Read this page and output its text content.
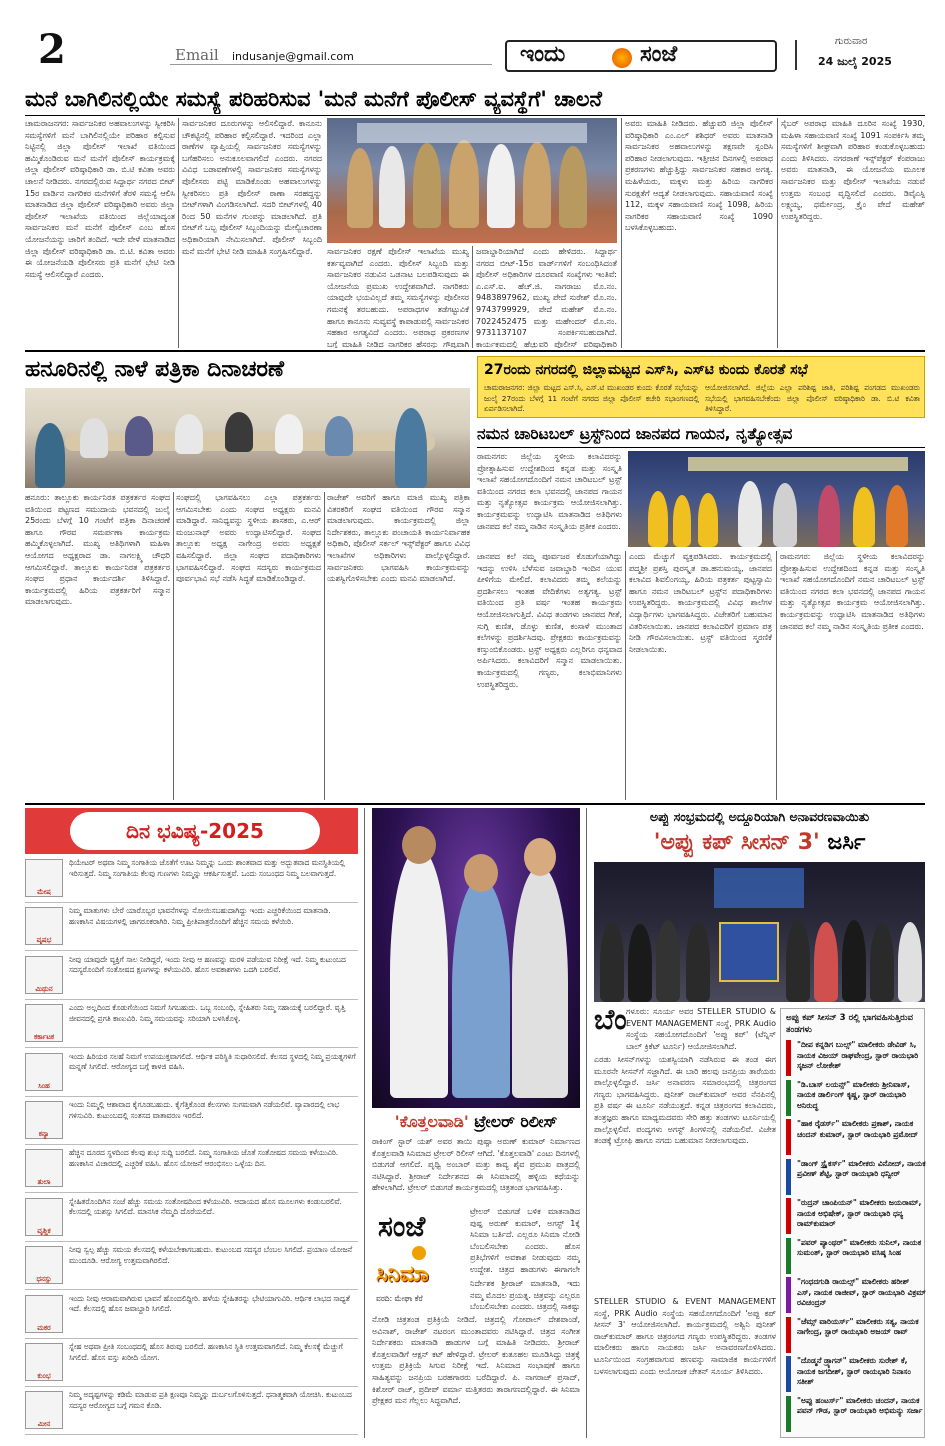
2	Email indusanje@gmail.com	ಇಂದು	ಸಂಜೆ
ಗುರುವಾರ
24 ಜುಲೈ 2025
ಮನೆ ಬಾಗಿಲಿನಲ್ಲಿಯೇ ಸಮಸ್ಯೆ ಪರಿಹರಿಸುವ 'ಮನೆ ಮನೆಗೆ ಪೊಲೀಸ್ ವ್ಯವಸ್ಥೆಗೆ' ಚಾಲನೆ
ಚಾಮರಾಜನಗರ: ಸಾರ್ವಜನಿಕರ ಅಹವಾಲುಗಳನ್ನು ಸ್ವೀಕರಿಸಿ ಸಮಸ್ಯೆಗಳಿಗೆ ಮನೆ ಬಾಗಿಲಿನಲ್ಲಿಯೇ ಪರಿಹಾರ ಕಲ್ಪಿಸುವ ನಿಟ್ಟಿನಲ್ಲಿ ಜಿಲ್ಲಾ ಪೊಲೀಸ್ ಇಲಾಖೆ ವತಿಯಿಂದ ಹಮ್ಮಿಕೊಂಡಿರುವ ಮನೆ ಮನೆಗೆ ಪೊಲೀಸ್ ಕಾರ್ಯಕ್ರಮಕ್ಕೆ ಜಿಲ್ಲಾ ಪೊಲೀಸ್ ವರಿಷ್ಠಾಧಿಕಾರಿ ಡಾ. ಬಿ.ಟಿ ಕವಿತಾ ಅವರು ಚಾಲನೆ ನೀಡಿದರು. ನಗರದಲ್ಲಿರುವ ಸಿದ್ದಾರ್ಥ ನಗರದ ಬೀಟ್ 15ರ ವಾರ್ಡಿನ ನಾಗರಿಕರ ಮನೆಗಳಿಗೆ ತೆರಳಿ ಸಮಸ್ಯೆ ಆಲಿಸಿ ಮಾತನಾಡಿದ ಜಿಲ್ಲಾ ಪೊಲೀಸ್ ವರಿಷ್ಠಾಧಿಕಾರಿ ಅವರು ಜಿಲ್ಲಾ ಪೊಲೀಸ್ ಇಲಾಖೆಯ ವತಿಯಿಂದ ಜಿಲ್ಲೆಯಾದ್ಯಂತ ಸಾರ್ವಜನಿಕರ ಮನೆ ಮನೆಗೆ ಪೊಲೀಸ್ ಎಂಬ ಹೊಸ ಯೋಜನೆಯನ್ನು ಜಾರಿಗೆ ತಂದಿದೆ. ಇದೇ ವೇಳೆ ಮಾತನಾಡಿದ ಜಿಲ್ಲಾ ಪೊಲೀಸ್ ವರಿಷ್ಠಾಧಿಕಾರಿ ಡಾ. ಬಿ.ಟಿ. ಕವಿತಾ ಅವರು ಈ ಯೋಜನೆಯಡಿ ಪೊಲೀಸರು ಪ್ರತಿ ಮನೆಗೆ ಭೇಟಿ ನೀಡಿ ಸಮಸ್ಯೆ ಆಲಿಸಲಿದ್ದಾರೆ ಎಂದರು.
ಸಾರ್ವಜನಿಕರ ದೂರುಗಳನ್ನು ಆಲಿಸಲಿದ್ದಾರೆ. ಕಾನೂನು ಚೌಕಟ್ಟಿನಲ್ಲಿ ಪರಿಹಾರ ಕಲ್ಪಿಸಲಿದ್ದಾರೆ. ಇದರಿಂದ ಎಲ್ಲಾ ಠಾಣೆಗಳ ವ್ಯಾಪ್ತಿಯಲ್ಲಿ ಸಾರ್ವಜನಿಕರ ಸಮಸ್ಯೆಗಳನ್ನು ಬಗೆಹರಿಸಲು ಅನುಕೂಲವಾಗಲಿದೆ ಎಂದರು. ನಗರದ ವಿವಿಧ ಬಡಾವಣೆಗಳಲ್ಲಿ ಸಾರ್ವಜನಿಕರ ಸಮಸ್ಯೆಗಳನ್ನು ಪೊಲೀಸರು ಪಟ್ಟಿ ಮಾಡಿಕೊಂಡು ಅಹವಾಲುಗಳನ್ನು ಸ್ವೀಕರಿಸಲು ಪ್ರತಿ ಪೊಲೀಸ್ ಠಾಣಾ ಸರಹದ್ದನ್ನು ಬೀಟ್‌ಗಳಾಗಿ ವಿಂಗಡಿಸಲಾಗಿದೆ. ಸದರಿ ಬೀಟ್‌ಗಳಲ್ಲಿ 40 ರಿಂದ 50 ಮನೆಗಳ ಗುಂಪನ್ನು ಮಾಡಲಾಗಿದೆ. ಪ್ರತಿ ಬೀಟ್‌ಗೆ ಒಬ್ಬ ಪೊಲೀಸ್ ಸಿಬ್ಬಂದಿಯನ್ನು ಮೇಲ್ವಿಚಾರಣಾ ಅಧಿಕಾರಿಯಾಗಿ ನೇಮಿಸಲಾಗಿದೆ. ಪೊಲೀಸ್ ಸಿಬ್ಬಂದಿ ಮನೆ ಮನೆಗೆ ಭೇಟಿ ನೀಡಿ ಮಾಹಿತಿ ಸಂಗ್ರಹಿಸಲಿದ್ದಾರೆ.	ಸಾರ್ವಜನಿಕರ ರಕ್ಷಣೆ ಪೊಲೀಸ್ ಇಲಾಖೆಯ ಮುಖ್ಯ ಕರ್ತವ್ಯವಾಗಿದೆ ಎಂದರು. ಪೊಲೀಸ್ ಸಿಬ್ಬಂದಿ ಮತ್ತು ಸಾರ್ವಜನಿಕರ ನಡುವಿನ ಒಡನಾಟ ಬಲಪಡಿಸುವುದು ಈ ಯೋಜನೆಯ ಪ್ರಮುಖ ಉದ್ದೇಶವಾಗಿದೆ. ನಾಗರಿಕರು ಯಾವುದೇ ಭಯವಿಲ್ಲದೆ ತಮ್ಮ ಸಮಸ್ಯೆಗಳನ್ನು ಪೊಲೀಸರ ಗಮನಕ್ಕೆ ತರಬಹುದು. ಅಪರಾಧಗಳ ತಡೆಗಟ್ಟುವಿಕೆ ಹಾಗೂ ಕಾನೂನು ಸುವ್ಯವಸ್ಥೆ ಕಾಪಾಡುವಲ್ಲಿ ಸಾರ್ವಜನಿಕರ ಸಹಕಾರ ಅಗತ್ಯವಿದೆ ಎಂದರು. ಅಪರಾಧ ಪ್ರಕರಣಗಳ ಬಗ್ಗೆ ಮಾಹಿತಿ ನೀಡಿದ ನಾಗರಿಕರ ಹೆಸರನ್ನು ಗೌಪ್ಯವಾಗಿ
ಜವಾಬ್ದಾರಿಯಾಗಿದೆ ಎಂದು ಹೇಳಿದರು. ಸಿದ್ದಾರ್ಥ ನಗರದ ಬೀಟ್-15ರ ವಾರ್ಡ್‌ಗಳಿಗೆ ಸಂಬಂಧಿಸಿದಂತೆ ಪೊಲೀಸ್ ಅಧಿಕಾರಿಗಳ ದೂರವಾಣಿ ಸಂಖ್ಯೆಗಳು ಇಂತಿವೆ: ಎ.ಎಸ್.ಐ. ಹೆಚ್.ಜಿ. ನಾಗರಾಜು ಮೊ.ನಂ. 9483897962, ಮುಖ್ಯ ಪೇದೆ ಸುರೇಶ್ ಮೊ.ನಂ. 9743799929, ಪೇದೆ ಮಹೇಶ್ ಮೊ.ನಂ. 7022452475 ಮತ್ತು ಮಹೇಂದರ್ ಮೊ.ನಂ. 9731137107 ಸಂಪರ್ಕಿಸಬಹುದಾಗಿದೆ. ಕಾರ್ಯಕ್ರಮದಲ್ಲಿ ಹೆಚ್ಚುವರಿ ಪೊಲೀಸ್ ವರಿಷ್ಠಾಧಿಕಾರಿ
ಅವರು ಮಾಹಿತಿ ನೀಡಿದರು. ಹೆಚ್ಚುವರಿ ಜಿಲ್ಲಾ ಪೊಲೀಸ್ ವರಿಷ್ಠಾಧಿಕಾರಿ ಎಂ.ಎಲ್ ಶಶಿಧರ್ ಅವರು ಮಾತನಾಡಿ ಸಾರ್ವಜನಿಕರ ಅಹವಾಲುಗಳನ್ನು ತಕ್ಷಣವೇ ಸ್ಪಂದಿಸಿ ಪರಿಹಾರ ನೀಡಲಾಗುವುದು. ಇತ್ತೀಚಿನ ದಿನಗಳಲ್ಲಿ ಅಪರಾಧ ಪ್ರಕರಣಗಳು ಹೆಚ್ಚುತ್ತಿದ್ದು ಸಾರ್ವಜನಿಕರ ಸಹಕಾರ ಅಗತ್ಯ. ಮಹಿಳೆಯರು, ಮಕ್ಕಳು ಮತ್ತು ಹಿರಿಯ ನಾಗರಿಕರ ಸುರಕ್ಷತೆಗೆ ಆದ್ಯತೆ ನೀಡಲಾಗುವುದು. ಸಹಾಯವಾಣಿ ಸಂಖ್ಯೆ 112, ಮಕ್ಕಳ ಸಹಾಯವಾಣಿ ಸಂಖ್ಯೆ 1098, ಹಿರಿಯ ನಾಗರಿಕರ ಸಹಾಯವಾಣಿ ಸಂಖ್ಯೆ 1090 ಬಳಸಿಕೊಳ್ಳಬಹುದು.
ಸೈಬರ್ ಅಪರಾಧ ಮಾಹಿತಿ ದೂರಿನ ಸಂಖ್ಯೆ 1930, ಮಹಿಳಾ ಸಹಾಯವಾಣಿ ಸಂಖ್ಯೆ 1091 ಸಂಪರ್ಕಿಸಿ ತಮ್ಮ ಸಮಸ್ಯೆಗಳಿಗೆ ಶೀಘ್ರವಾಗಿ ಪರಿಹಾರ ಕಂಡುಕೊಳ್ಳಬಹುದು ಎಂದು ತಿಳಿಸಿದರು. ನಗರಠಾಣೆ ಇನ್ಸ್‌ಪೆಕ್ಟರ್ ಕೆಂಪರಾಜು ಅವರು ಮಾತನಾಡಿ, ಈ ಯೋಜನೆಯ ಮೂಲಕ ಸಾರ್ವಜನಿಕರ ಮತ್ತು ಪೊಲೀಸ್ ಇಲಾಖೆಯ ನಡುವೆ ಉತ್ತಮ ಸಂಬಂಧ ವೃದ್ಧಿಸಲಿದೆ ಎಂದರು. ಡಿವೈಎಸ್ಪಿ ಲಕ್ಷ್ಮಯ್ಯ, ಧರ್ಮೇಂದ್ರ, ಕ್ರೈಂ ಪೇದೆ ಮಹೇಶ್ ಉಪಸ್ಥಿತರಿದ್ದರು.
ಹನೂರಿನಲ್ಲಿ ನಾಳೆ ಪತ್ರಿಕಾ ದಿನಾಚರಣೆ
ಹನೂರು: ತಾಲ್ಲೂಕು ಕಾರ್ಯನಿರತ ಪತ್ರಕರ್ತರ ಸಂಘದ ವತಿಯಿಂದ ಪಟ್ಟಣದ ಸಮುದಾಯ ಭವನದಲ್ಲಿ ಜುಲೈ 25ರಂದು ಬೆಳಗ್ಗೆ 10 ಗಂಟೆಗೆ ಪತ್ರಿಕಾ ದಿನಾಚರಣೆ ಹಾಗೂ ಗೌರವ ಸಮರ್ಪಣಾ ಕಾರ್ಯಕ್ರಮ ಹಮ್ಮಿಕೊಳ್ಳಲಾಗಿದೆ. ಮುಖ್ಯ ಅತಿಥಿಗಳಾಗಿ ಮಹಿಳಾ ಆಯೋಗದ ಅಧ್ಯಕ್ಷರಾದ ಡಾ. ನಾಗಲಕ್ಷ್ಮಿ ಚೌಧರಿ ಆಗಮಿಸಲಿದ್ದಾರೆ. ತಾಲ್ಲೂಕು ಕಾರ್ಯನಿರತ ಪತ್ರಕರ್ತರ ಸಂಘದ ಪ್ರಧಾನ ಕಾರ್ಯದರ್ಶಿ ತಿಳಿಸಿದ್ದಾರೆ. ಕಾರ್ಯಕ್ರಮದಲ್ಲಿ ಹಿರಿಯ ಪತ್ರಕರ್ತರಿಗೆ ಸನ್ಮಾನ ಮಾಡಲಾಗುವುದು.
ಸಂಘದಲ್ಲಿ ಭಾಗವಹಿಸಲು ಎಲ್ಲಾ ಪತ್ರಕರ್ತರು ಆಗಮಿಸಬೇಕು ಎಂದು ಸಂಘದ ಅಧ್ಯಕ್ಷರು ಮನವಿ ಮಾಡಿದ್ದಾರೆ. ಸಾನಿಧ್ಯವನ್ನು ಸ್ಥಳೀಯ ಶಾಸಕರು, ಎ.ಆರ್ ಮಂಜುನಾಥ್ ಅವರು ಉದ್ಘಾಟಿಸಲಿದ್ದಾರೆ. ಸಂಘದ ತಾಲ್ಲೂಕು ಅಧ್ಯಕ್ಷ ನಾಗೇಂದ್ರ ಅವರು ಅಧ್ಯಕ್ಷತೆ ವಹಿಸಲಿದ್ದಾರೆ. ಜಿಲ್ಲಾ ಸಂಘದ ಪದಾಧಿಕಾರಿಗಳು ಭಾಗವಹಿಸಲಿದ್ದಾರೆ. ಸಂಘದ ಸದಸ್ಯರು ಕಾರ್ಯಕ್ರಮದ ಪೂರ್ವಭಾವಿ ಸಭೆ ನಡೆಸಿ ಸಿದ್ಧತೆ ಮಾಡಿಕೊಂಡಿದ್ದಾರೆ.
ರಾಜೇಶ್ ಅವರಿಗೆ ಹಾಗೂ ಮಾಜಿ ಮುಖ್ಯ ಪತ್ರಿಕಾ ವಿತರಕರಿಗೆ ಸಂಘದ ವತಿಯಿಂದ ಗೌರವ ಸನ್ಮಾನ ಮಾಡಲಾಗುವುದು. ಕಾರ್ಯಕ್ರಮದಲ್ಲಿ ಜಿಲ್ಲಾ ನಿರ್ದೇಶಕರು, ತಾಲ್ಲೂಕು ಪಂಚಾಯತಿ ಕಾರ್ಯನಿರ್ವಾಹಕ ಅಧಿಕಾರಿ, ಪೊಲೀಸ್ ಸರ್ಕಲ್ ಇನ್ಸ್‌ಪೆಕ್ಟರ್ ಹಾಗೂ ವಿವಿಧ ಇಲಾಖೆಗಳ ಅಧಿಕಾರಿಗಳು ಪಾಲ್ಗೊಳ್ಳಲಿದ್ದಾರೆ. ಸಾರ್ವಜನಿಕರು ಭಾಗವಹಿಸಿ ಕಾರ್ಯಕ್ರಮವನ್ನು ಯಶಸ್ವಿಗೊಳಿಸಬೇಕು ಎಂದು ಮನವಿ ಮಾಡಲಾಗಿದೆ.
27ರಂದು ನಗರದಲ್ಲಿ ಜಿಲ್ಲಾಮಟ್ಟದ ಎಸ್‌ಸಿ, ಎಸ್‌ಟಿ ಕುಂದು ಕೊರತೆ ಸಭೆ
ಚಾಮರಾಜನಗರ: ಜಿಲ್ಲಾ ಮಟ್ಟದ ಎಸ್.ಸಿ, ಎಸ್.ಟಿ ಮುಖಂಡರ ಕುಂದು ಕೊರತೆ ಸಭೆಯನ್ನು ಜುಲೈ 27ರಂದು ಬೆಳಗ್ಗೆ 11 ಗಂಟೆಗೆ ನಗರದ ಜಿಲ್ಲಾ ಪೊಲೀಸ್ ಕಚೇರಿ ಸಭಾಂಗಣದಲ್ಲಿ ಏರ್ಪಡಿಸಲಾಗಿದೆ.
ಆಯೋಜಿಸಲಾಗಿದೆ. ಜಿಲ್ಲೆಯ ಎಲ್ಲಾ ಪರಿಶಿಷ್ಟ ಜಾತಿ, ಪರಿಶಿಷ್ಟ ಪಂಗಡದ ಮುಖಂಡರು ಸಭೆಯಲ್ಲಿ ಭಾಗವಹಿಸಬೇಕೆಂದು ಜಿಲ್ಲಾ ಪೊಲೀಸ್ ವರಿಷ್ಠಾಧಿಕಾರಿ ಡಾ. ಬಿ.ಟಿ ಕವಿತಾ ತಿಳಿಸಿದ್ದಾರೆ.
ನಮನ ಚಾರಿಟಬಲ್ ಟ್ರಸ್ಟ್‌ನಿಂದ ಜಾನಪದ ಗಾಯನ, ನೃತ್ಯೋತ್ಸವ
ರಾಮನಗರ: ಜಿಲ್ಲೆಯ ಸ್ಥಳೀಯ ಕಲಾವಿದರನ್ನು ಪ್ರೋತ್ಸಾಹಿಸುವ ಉದ್ದೇಶದಿಂದ ಕನ್ನಡ ಮತ್ತು ಸಂಸ್ಕೃತಿ ಇಲಾಖೆ ಸಹಯೋಗದೊಂದಿಗೆ ನಮನ ಚಾರಿಟಬಲ್ ಟ್ರಸ್ಟ್ ವತಿಯಿಂದ ನಗರದ ಕಲಾ ಭವನದಲ್ಲಿ ಜಾನಪದ ಗಾಯನ ಮತ್ತು ನೃತ್ಯೋತ್ಸವ ಕಾರ್ಯಕ್ರಮ ಆಯೋಜಿಸಲಾಗಿತ್ತು. ಕಾರ್ಯಕ್ರಮವನ್ನು ಉದ್ಘಾಟಿಸಿ ಮಾತನಾಡಿದ ಅತಿಥಿಗಳು ಜಾನಪದ ಕಲೆ ನಮ್ಮ ನಾಡಿನ ಸಂಸ್ಕೃತಿಯ ಪ್ರತೀಕ ಎಂದರು.
ಜಾನಪದ ಕಲೆ ನಮ್ಮ ಪೂರ್ವಜರ ಕೊಡುಗೆಯಾಗಿದ್ದು ಇದನ್ನು ಉಳಿಸಿ ಬೆಳೆಸುವ ಜವಾಬ್ದಾರಿ ಇಂದಿನ ಯುವ ಪೀಳಿಗೆಯ ಮೇಲಿದೆ. ಕಲಾವಿದರು ತಮ್ಮ ಕಲೆಯನ್ನು ಪ್ರದರ್ಶಿಸಲು ಇಂತಹ ವೇದಿಕೆಗಳು ಅತ್ಯಗತ್ಯ. ಟ್ರಸ್ಟ್ ವತಿಯಿಂದ ಪ್ರತಿ ವರ್ಷ ಇಂತಹ ಕಾರ್ಯಕ್ರಮ ಆಯೋಜಿಸಲಾಗುತ್ತಿದೆ. ವಿವಿಧ ತಂಡಗಳು ಜಾನಪದ ಗೀತೆ, ಸುಗ್ಗಿ ಕುಣಿತ, ಡೊಳ್ಳು ಕುಣಿತ, ಕಂಸಾಳೆ ಮುಂತಾದ ಕಲೆಗಳನ್ನು ಪ್ರದರ್ಶಿಸಿದವು. ಪ್ರೇಕ್ಷಕರು ಕಾರ್ಯಕ್ರಮವನ್ನು ಕಣ್ತುಂಬಿಕೊಂಡರು. ಟ್ರಸ್ಟ್ ಅಧ್ಯಕ್ಷರು ಎಲ್ಲರಿಗೂ ಧನ್ಯವಾದ ಅರ್ಪಿಸಿದರು. ಕಲಾವಿದರಿಗೆ ಸನ್ಮಾನ ಮಾಡಲಾಯಿತು. ಕಾರ್ಯಕ್ರಮದಲ್ಲಿ ಗಣ್ಯರು, ಕಲಾಭಿಮಾನಿಗಳು ಉಪಸ್ಥಿತರಿದ್ದರು.
ಎಂದು ಮೆಚ್ಚುಗೆ ವ್ಯಕ್ತಪಡಿಸಿದರು. ಕಾರ್ಯಕ್ರಮದಲ್ಲಿ ಪದ್ಮಶ್ರೀ ಪ್ರಶಸ್ತಿ ಪುರಸ್ಕೃತ ಡಾ.ಹನುಮಯ್ಯ, ಜಾನಪದ ಕಲಾವಿದ ಶಿವಲಿಂಗಯ್ಯ, ಹಿರಿಯ ಪತ್ರಕರ್ತ ಪುಟ್ಟಸ್ವಾಮಿ ಹಾಗೂ ನಮನ ಚಾರಿಟಬಲ್ ಟ್ರಸ್ಟ್‌ನ ಪದಾಧಿಕಾರಿಗಳು ಉಪಸ್ಥಿತರಿದ್ದರು. ಕಾರ್ಯಕ್ರಮದಲ್ಲಿ ವಿವಿಧ ಶಾಲೆಗಳ ವಿದ್ಯಾರ್ಥಿಗಳು ಭಾಗವಹಿಸಿದ್ದರು. ವಿಜೇತರಿಗೆ ಬಹುಮಾನ ವಿತರಿಸಲಾಯಿತು. ಜಾನಪದ ಕಲಾವಿದರಿಗೆ ಪ್ರಮಾಣ ಪತ್ರ ನೀಡಿ ಗೌರವಿಸಲಾಯಿತು. ಟ್ರಸ್ಟ್ ವತಿಯಿಂದ ಸ್ಮರಣಿಕೆ ನೀಡಲಾಯಿತು.
ರಾಮನಗರ: ಜಿಲ್ಲೆಯ ಸ್ಥಳೀಯ ಕಲಾವಿದರನ್ನು ಪ್ರೋತ್ಸಾಹಿಸುವ ಉದ್ದೇಶದಿಂದ ಕನ್ನಡ ಮತ್ತು ಸಂಸ್ಕೃತಿ ಇಲಾಖೆ ಸಹಯೋಗದೊಂದಿಗೆ ನಮನ ಚಾರಿಟಬಲ್ ಟ್ರಸ್ಟ್ ವತಿಯಿಂದ ನಗರದ ಕಲಾ ಭವನದಲ್ಲಿ ಜಾನಪದ ಗಾಯನ ಮತ್ತು ನೃತ್ಯೋತ್ಸವ ಕಾರ್ಯಕ್ರಮ ಆಯೋಜಿಸಲಾಗಿತ್ತು. ಕಾರ್ಯಕ್ರಮವನ್ನು ಉದ್ಘಾಟಿಸಿ ಮಾತನಾಡಿದ ಅತಿಥಿಗಳು ಜಾನಪದ ಕಲೆ ನಮ್ಮ ನಾಡಿನ ಸಂಸ್ಕೃತಿಯ ಪ್ರತೀಕ ಎಂದರು.
ದಿನ ಭವಿಷ್ಯ-2025
ಮೇಷ
ಥಿಯೇಟರ್ ಅಥವಾ ನಿಮ್ಮ ಸಂಗಾತಿಯ ಜೊತೆಗೆ ಊಟ ನಿಮ್ಮನ್ನು ಒಂದು ಶಾಂತವಾದ ಮತ್ತು ಅದ್ಭುತವಾದ ಮನಸ್ಥಿತಿಯಲ್ಲಿ ಇರಿಸುತ್ತದೆ. ನಿಮ್ಮ ಸಂಗಾತಿಯ ಕೆಲವು ಗುಣಗಳು ನಿಮ್ಮನ್ನು ಆಕರ್ಷಿಸುತ್ತವೆ. ಒಂದು ಸಂಬಂಧದ ನಿಮ್ಮ ಬಲವಾಗುತ್ತದೆ.
ವೃಷಭ
ನಿಮ್ಮ ಮಾತುಗಳು ಬೇರೆ ಯಾರೊಬ್ಬರ ಭಾವನೆಗಳನ್ನು ನೋಯಿಸಬಹುದಾಗಿದ್ದು ಇಂದು ಎಚ್ಚರಿಕೆಯಿಂದ ಮಾತನಾಡಿ. ಹಣಕಾಸಿನ ವಿಷಯಗಳಲ್ಲಿ ಜಾಗರೂಕರಾಗಿರಿ. ನಿಮ್ಮ ಪ್ರೀತಿಪಾತ್ರರೊಂದಿಗೆ ಹೆಚ್ಚಿನ ಸಮಯ ಕಳೆಯಿರಿ.
ಮಿಥುನ
ನೀವು ಯಾವುದೇ ವ್ಯಕ್ತಿಗೆ ಸಾಲ ನೀಡಿದ್ದರೆ, ಇಂದು ನೀವು ಆ ಹಣವನ್ನು ಮರಳಿ ಪಡೆಯುವ ನಿರೀಕ್ಷೆ ಇದೆ. ನಿಮ್ಮ ಕುಟುಂಬದ ಸದಸ್ಯರೊಂದಿಗೆ ಸಂತೋಷದ ಕ್ಷಣಗಳನ್ನು ಕಳೆಯುವಿರಿ. ಹೊಸ ಅವಕಾಶಗಳು ಒದಗಿ ಬರಲಿವೆ.
ಕರ್ಕಾಟಕ
ಎಂದು ಅಲ್ಲದಿಂದ ಕೊಡುಗೆಯಿಂದ ನಿಮಗೆ ಸಿಗಬಹುದು. ಒಬ್ಬ ಸಂಬಂಧಿ, ಸ್ನೇಹಿತರು ನಿಮ್ಮ ಸಹಾಯಕ್ಕೆ ಬರಲಿದ್ದಾರೆ. ವೃತ್ತಿ ಜೀವನದಲ್ಲಿ ಪ್ರಗತಿ ಕಾಣುವಿರಿ. ನಿಮ್ಮ ಸಮಯವನ್ನು ಸರಿಯಾಗಿ ಬಳಸಿಕೊಳ್ಳಿ.
ಸಿಂಹ
ಇಂದು ಹಿರಿಯರ ಸಲಹೆ ನಿಮಗೆ ಉಪಯುಕ್ತವಾಗಲಿದೆ. ಆರ್ಥಿಕ ಪರಿಸ್ಥಿತಿ ಸುಧಾರಿಸಲಿದೆ. ಕೆಲಸದ ಸ್ಥಳದಲ್ಲಿ ನಿಮ್ಮ ಪ್ರಯತ್ನಗಳಿಗೆ ಮನ್ನಣೆ ಸಿಗಲಿದೆ. ಆರೋಗ್ಯದ ಬಗ್ಗೆ ಕಾಳಜಿ ವಹಿಸಿ.
ಕನ್ಯಾ
ಇಂದು ನಿಮ್ಮಲ್ಲಿ ಆಶಾವಾದ ಕೈಗೂಡಬಹುದು. ಕೈಗೆತ್ತಿಕೊಂಡ ಕೆಲಸಗಳು ಸುಗಮವಾಗಿ ನಡೆಯಲಿವೆ. ವ್ಯಾಪಾರದಲ್ಲಿ ಲಾಭ ಗಳಿಸುವಿರಿ. ಕುಟುಂಬದಲ್ಲಿ ಸಂತಸದ ವಾತಾವರಣ ಇರಲಿದೆ.
ತುಲಾ
ಹೆಚ್ಚಿನ ದೂರದ ಸ್ಥಳದಿಂದ ಕೆಲವು ಶುಭ ಸುದ್ದಿ ಬರಲಿದೆ. ನಿಮ್ಮ ಸಂಗಾತಿಯ ಜೊತೆ ಸಂತೋಷದ ಸಮಯ ಕಳೆಯುವಿರಿ. ಹಣಕಾಸಿನ ವಿಚಾರದಲ್ಲಿ ಎಚ್ಚರಿಕೆ ವಹಿಸಿ. ಹೊಸ ಯೋಜನೆ ಆರಂಭಿಸಲು ಒಳ್ಳೆಯ ದಿನ.
ವೃಶ್ಚಿಕ
ಸ್ನೇಹಿತರೊಂದಿಗಿನ ಸಂಜೆ ಹೆಚ್ಚು ಸಮಯ ಸಂತೋಷದಿಂದ ಕಳೆಯುವಿರಿ. ಆದಾಯದ ಹೊಸ ಮೂಲಗಳು ಕಂಡುಬರಲಿವೆ. ಕೆಲಸದಲ್ಲಿ ಯಶಸ್ಸು ಸಿಗಲಿದೆ. ಮಾನಸಿಕ ನೆಮ್ಮದಿ ದೊರೆಯಲಿದೆ.
ಧನಸ್ಸು
ನೀವು ಸ್ವಲ್ಪ ಹೆಚ್ಚು ಸಮಯ ಕೆಲಸದಲ್ಲಿ ಕಳೆಯಬೇಕಾಗಬಹುದು. ಕುಟುಂಬದ ಸದಸ್ಯರ ಬೆಂಬಲ ಸಿಗಲಿದೆ. ಪ್ರಯಾಣ ಯೋಜನೆ ಮುಂದೂಡಿ. ಆರೋಗ್ಯ ಉತ್ತಮವಾಗಿರಲಿದೆ.
ಮಕರ
ಇಂದು ನೀವು ಆರಾಮವಾಗಿರುವ ಭಾವನೆ ಹೊಂದಲಿದ್ದೀರಿ. ಹಳೆಯ ಸ್ನೇಹಿತರನ್ನು ಭೇಟಿಯಾಗುವಿರಿ. ಆರ್ಥಿಕ ಲಾಭದ ಸಾಧ್ಯತೆ ಇದೆ. ಕೆಲಸದಲ್ಲಿ ಹೊಸ ಜವಾಬ್ದಾರಿ ಸಿಗಲಿದೆ.
ಕುಂಭ
ಸ್ನೇಹ ಅಥವಾ ಪ್ರೀತಿ ಸಂಬಂಧದಲ್ಲಿ ಹೊಸ ತಿರುವು ಬರಲಿದೆ. ಹಣಕಾಸಿನ ಸ್ಥಿತಿ ಉತ್ತಮವಾಗಲಿದೆ. ನಿಮ್ಮ ಕೆಲಸಕ್ಕೆ ಮೆಚ್ಚುಗೆ ಸಿಗಲಿದೆ. ಹೊಸ ವಸ್ತು ಖರೀದಿ ಯೋಗ.
ಮೀನ
ನಿಮ್ಮ ಅದೃಷ್ಟಗಳನ್ನು ಕಡಿಮೆ ಮಾಡುವ ಪ್ರತಿ ಕ್ಷಣವೂ ನಿಮ್ಮನ್ನು ದುರ್ಬಲಗೊಳಿಸುತ್ತದೆ. ಧನಾತ್ಮಕವಾಗಿ ಯೋಚಿಸಿ. ಕುಟುಂಬದ ಸದಸ್ಯರ ಆರೋಗ್ಯದ ಬಗ್ಗೆ ಗಮನ ಕೊಡಿ.
'ಕೊತ್ತಲವಾಡಿ' ಟ್ರೇಲರ್ ರಿಲೀಸ್
ರಾಕಿಂಗ್ ಸ್ಟಾರ್ ಯಶ್ ಅವರ ತಾಯಿ ಪುಷ್ಪಾ ಅರುಣ್ ಕುಮಾರ್ ನಿರ್ಮಾಣದ ಕೊತ್ತಲವಾಡಿ ಸಿನಿಮಾದ ಟ್ರೇಲರ್ ರಿಲೀಸ್ ಆಗಿದೆ. 'ಕೊತ್ತಲವಾಡಿ' ಎಂಟು ದಿನಗಳಲ್ಲಿ ಬಿಡುಗಡೆ ಆಗಲಿದೆ. ಪೃಥ್ವಿ ಅಂಬಾರ್ ಮತ್ತು ಕಾವ್ಯ ಶೈವ ಪ್ರಮುಖ ಪಾತ್ರದಲ್ಲಿ ನಟಿಸಿದ್ದಾರೆ. ಶ್ರೀರಾಜ್ ನಿರ್ದೇಶನದ ಈ ಸಿನಿಮಾದಲ್ಲಿ ಹಳ್ಳಿಯ ಕಥೆಯನ್ನು ಹೇಳಲಾಗಿದೆ. ಟ್ರೇಲರ್ ಬಿಡುಗಡೆ ಕಾರ್ಯಕ್ರಮದಲ್ಲಿ ಚಿತ್ರತಂಡ ಭಾಗವಹಿಸಿತ್ತು.
ಟ್ರೇಲರ್ ಬಿಡುಗಡೆ ಬಳಿಕ ಮಾತನಾಡಿದ ಪುಷ್ಪ ಅರುಣ್ ಕುಮಾರ್, ಅಗಸ್ಟ್ 1ಕ್ಕೆ ಸಿನಿಮಾ ಬರ್ತಿದೆ. ಎಲ್ಲರೂ ಸಿನಿಮಾ ನೋಡಿ ಬೆಂಬಲಿಸಬೇಕು ಎಂದರು. ಹೊಸ ಪ್ರತಿಭೆಗಳಿಗೆ ಅವಕಾಶ ನೀಡುವುದು ನಮ್ಮ ಉದ್ದೇಶ. ಚಿತ್ರದ ಹಾಡುಗಳು ಈಗಾಗಲೇ
ಸಂಜೆ
ಸಿನಿಮಾ
ವರದಿ: ಮೇಘಾ ಕೆರೆ
ನಿರ್ದೇಶಕ ಶ್ರೀರಾಜ್ ಮಾತನಾಡಿ, ಇದು ನಮ್ಮ ಮೊದಲ ಪ್ರಯತ್ನ. ಚಿತ್ರವನ್ನು ಎಲ್ಲರೂ ಬೆಂಬಲಿಸಬೇಕು ಎಂದರು. ಚಿತ್ರದಲ್ಲಿ ಸಾಕಷ್ಟು
ನೋಡಿ ಚಿತ್ರತಂಡ ಪ್ರತಿಕ್ರಿಯೆ ನೀಡಿದೆ. ಚಿತ್ರದಲ್ಲಿ ಗೋಪಾಲ್ ದೇಶಪಾಂಡೆ, ಅವಿನಾಶ್, ರಾಜೇಶ್ ನಟರಂಗ ಮುಂತಾದವರು ನಟಿಸಿದ್ದಾರೆ. ಚಿತ್ರದ ಸಂಗೀತ ನಿರ್ದೇಶಕರು ಮಾತನಾಡಿ ಹಾಡುಗಳ ಬಗ್ಗೆ ಮಾಹಿತಿ ನೀಡಿದರು. ಶ್ರೀರಾಜ್ ಕೊತ್ತಲವಾಡಿಗೆ ಆಕ್ಷನ್ ಕಟ್ ಹೇಳಿದ್ದಾರೆ. ಟ್ರೇಲರ್ ಕುತೂಹಲ ಮೂಡಿಸಿದ್ದು ಚಿತ್ರಕ್ಕೆ ಉತ್ತಮ ಪ್ರತಿಕ್ರಿಯೆ ಸಿಗುವ ನಿರೀಕ್ಷೆ ಇದೆ. ಸಿನಿಮಾದ ಸಂಭಾಷಣೆ ಹಾಗೂ ಸಾಹಿತ್ಯವನ್ನು ಜನಪ್ರಿಯ ಬರಹಗಾರರು ಬರೆದಿದ್ದಾರೆ. ಪಿ. ನಾಗರಾಜ್ ಪ್ರಸಾದ್, ಕಿಶೋರ್ ರಾಜ್, ಪ್ರದೀಪ್ ವರ್ಮಾ ಮತ್ತಿತರರು ತಾರಾಗಣದಲ್ಲಿದ್ದಾರೆ. ಈ ಸಿನಿಮಾ ಪ್ರೇಕ್ಷಕರ ಮನ ಗೆಲ್ಲಲು ಸಿದ್ಧವಾಗಿದೆ.
ಅಪ್ಪು ಸಂಭ್ರಮದಲ್ಲಿ ಅದ್ಧೂರಿಯಾಗಿ ಅನಾವರಣವಾಯಿತು
'ಅಪ್ಪು ಕಪ್ ಸೀಸನ್ 3' ಜರ್ಸಿ
ಬೆಂ ಗಳೂರು: ಸೂರ್ಯ ಅವರ STELLER STUDIO & EVENT MANAGEMENT ಸಂಸ್ಥೆ, PRK Audio ಸಂಸ್ಥೆಯ ಸಹಯೋಗದೊಂದಿಗೆ 'ಅಪ್ಪು ಕಪ್' (ಟೆನ್ನಿಸ್ ಬಾಲ್ ಕ್ರಿಕೆಟ್ ಟೂರ್ನಿ) ಆಯೋಜಿಸಲಾಗಿದೆ.
ಎರಡು ಸೀಸನ್‌ಗಳನ್ನು ಯಶಸ್ವಿಯಾಗಿ ನಡೆಸಿರುವ ಈ ತಂಡ ಈಗ ಮೂರನೇ ಸೀಸನ್‌ಗೆ ಸಜ್ಜಾಗಿದೆ. ಈ ಬಾರಿ ಹಲವು ಜನಪ್ರಿಯ ತಾರೆಯರು ಪಾಲ್ಗೊಳ್ಳಲಿದ್ದಾರೆ. ಜರ್ಸಿ ಅನಾವರಣ ಸಮಾರಂಭದಲ್ಲಿ ಚಿತ್ರರಂಗದ ಗಣ್ಯರು ಭಾಗವಹಿಸಿದ್ದರು. ಪುನೀತ್ ರಾಜ್‌ಕುಮಾರ್ ಅವರ ನೆನಪಿನಲ್ಲಿ ಪ್ರತಿ ವರ್ಷ ಈ ಟೂರ್ನಿ ನಡೆಯುತ್ತದೆ. ಕನ್ನಡ ಚಿತ್ರರಂಗದ ಕಲಾವಿದರು, ತಂತ್ರಜ್ಞರು ಹಾಗೂ ಮಾಧ್ಯಮದವರು ಸೇರಿ ಹತ್ತು ತಂಡಗಳು ಟೂರ್ನಿಯಲ್ಲಿ ಪಾಲ್ಗೊಳ್ಳಲಿವೆ. ಪಂದ್ಯಗಳು ಅಗಸ್ಟ್ ತಿಂಗಳಿನಲ್ಲಿ ನಡೆಯಲಿವೆ. ವಿಜೇತ ತಂಡಕ್ಕೆ ಟ್ರೋಫಿ ಹಾಗೂ ನಗದು ಬಹುಮಾನ ನೀಡಲಾಗುವುದು.
STELLER STUDIO & EVENT MANAGEMENT ಸಂಸ್ಥೆ, PRK Audio ಸಂಸ್ಥೆಯ ಸಹಯೋಗದೊಂದಿಗೆ 'ಅಪ್ಪು ಕಪ್ ಸೀಸನ್ 3' ಆಯೋಜಿಸಲಾಗಿದೆ. ಕಾರ್ಯಕ್ರಮದಲ್ಲಿ ಅಶ್ವಿನಿ ಪುನೀತ್ ರಾಜ್‌ಕುಮಾರ್ ಹಾಗೂ ಚಿತ್ರರಂಗದ ಗಣ್ಯರು ಉಪಸ್ಥಿತರಿದ್ದರು. ತಂಡಗಳ ಮಾಲೀಕರು ಹಾಗೂ ನಾಯಕರು ಜರ್ಸಿ ಅನಾವರಣಗೊಳಿಸಿದರು. ಟೂರ್ನಿಯಿಂದ ಸಂಗ್ರಹವಾಗುವ ಹಣವನ್ನು ಸಾಮಾಜಿಕ ಕಾರ್ಯಗಳಿಗೆ ಬಳಸಲಾಗುವುದು ಎಂದು ಆಯೋಜಕ ಚೇತನ್ ಸೂರ್ಯ ತಿಳಿಸಿದರು.
ಅಪ್ಪು ಕಪ್ ಸೀಸನ್ 3 ರಲ್ಲಿ ಭಾಗವಹಿಸುತ್ತಿರುವ ತಂಡಗಳು
"ದೀಪ ಕನ್ನಡಿಗ ಬುಲ್ಸ್" ಮಾಲೀಕರು ಡೇವಿಡ್ ಸಿ, ನಾಯಕ ವಿಜಯ್ ರಾಘವೇಂದ್ರ, ಸ್ಟಾರ್ ರಾಯಭಾರಿ ಸೃಜನ್ ಲೋಕೇಶ್
"ಡಿ.ಬಾಸ್ ಲಯನ್ಸ್" ಮಾಲೀಕರು ಶ್ರೀನಿವಾಸ್, ನಾಯಕ ಡಾರ್ಲಿಂಗ್ ಕೃಷ್ಣ, ಸ್ಟಾರ್ ರಾಯಭಾರಿ ಅನಿರುದ್ಧ
"ಹಾಕ ರೈಡರ್ಸ್" ಮಾಲೀಕರು ಪ್ರಕಾಶ್, ನಾಯಕ ಚಂದನ್ ಕುಮಾರ್, ಸ್ಟಾರ್ ರಾಯಭಾರಿ ಪ್ರಮೋದ್
"ಡಾಂಗ್ ಸ್ಟ್ರೈಕರ್ಸ್" ಮಾಲೀಕರು ವಿನೋದ್, ನಾಯಕ ಪ್ರವೀಣ್ ಶೆಟ್ಟಿ, ಸ್ಟಾರ್ ರಾಯಭಾರಿ ಧನ್ವೀರ್
"ರುದ್ರನ್ ಚಾಂಪಿಯನ್" ಮಾಲೀಕರು ಜಯರಾಮ್, ನಾಯಕ ಅಭಿಷೇಕ್, ಸ್ಟಾರ್ ರಾಯಭಾರಿ ಧನ್ಯ ರಾಮ್‌ಕುಮಾರ್
"ಪವರ್ ಪ್ಯಾಂಥರ್" ಮಾಲೀಕರು ಸುನಿಲ್, ನಾಯಕ ಸುಮಂತ್, ಸ್ಟಾರ್ ರಾಯಭಾರಿ ವಸಿಷ್ಠ ಸಿಂಹ
"ಗಂಧದಗುಡಿ ರಾಯಲ್ಸ್" ಮಾಲೀಕರು ಹರೀಶ್ ಎಸ್, ನಾಯಕ ರಾಜೀವ್, ಸ್ಟಾರ್ ರಾಯಭಾರಿ ವಿಕ್ರಮ್ ರವಿಚಂದ್ರನ್
"ಜೆಮ್ಸ್ ವಾರಿಯರ್ಸ್" ಮಾಲೀಕರು ಸತ್ಯ, ನಾಯಕ ನಾಗೇಂದ್ರ, ಸ್ಟಾರ್ ರಾಯಭಾರಿ ಅಜಯ್ ರಾವ್
"ದೊಡ್ಮನೆ ಡ್ರ್ಯಾಗನ್" ಮಾಲೀಕರು ಸುರೇಶ್ ಕೆ, ನಾಯಕ ಜಗದೀಶ್, ಸ್ಟಾರ್ ರಾಯಭಾರಿ ನಿನಾಸಂ ಸತೀಶ್
"ಅಪ್ಪು ಹಂಟರ್ಸ್" ಮಾಲೀಕರು ಚಂದನ್, ನಾಯಕ ಪವನ್ ಗೌಡ, ಸ್ಟಾರ್ ರಾಯಭಾರಿ ಅಭಿಮನ್ಯು ಸರ್ಜಾ
